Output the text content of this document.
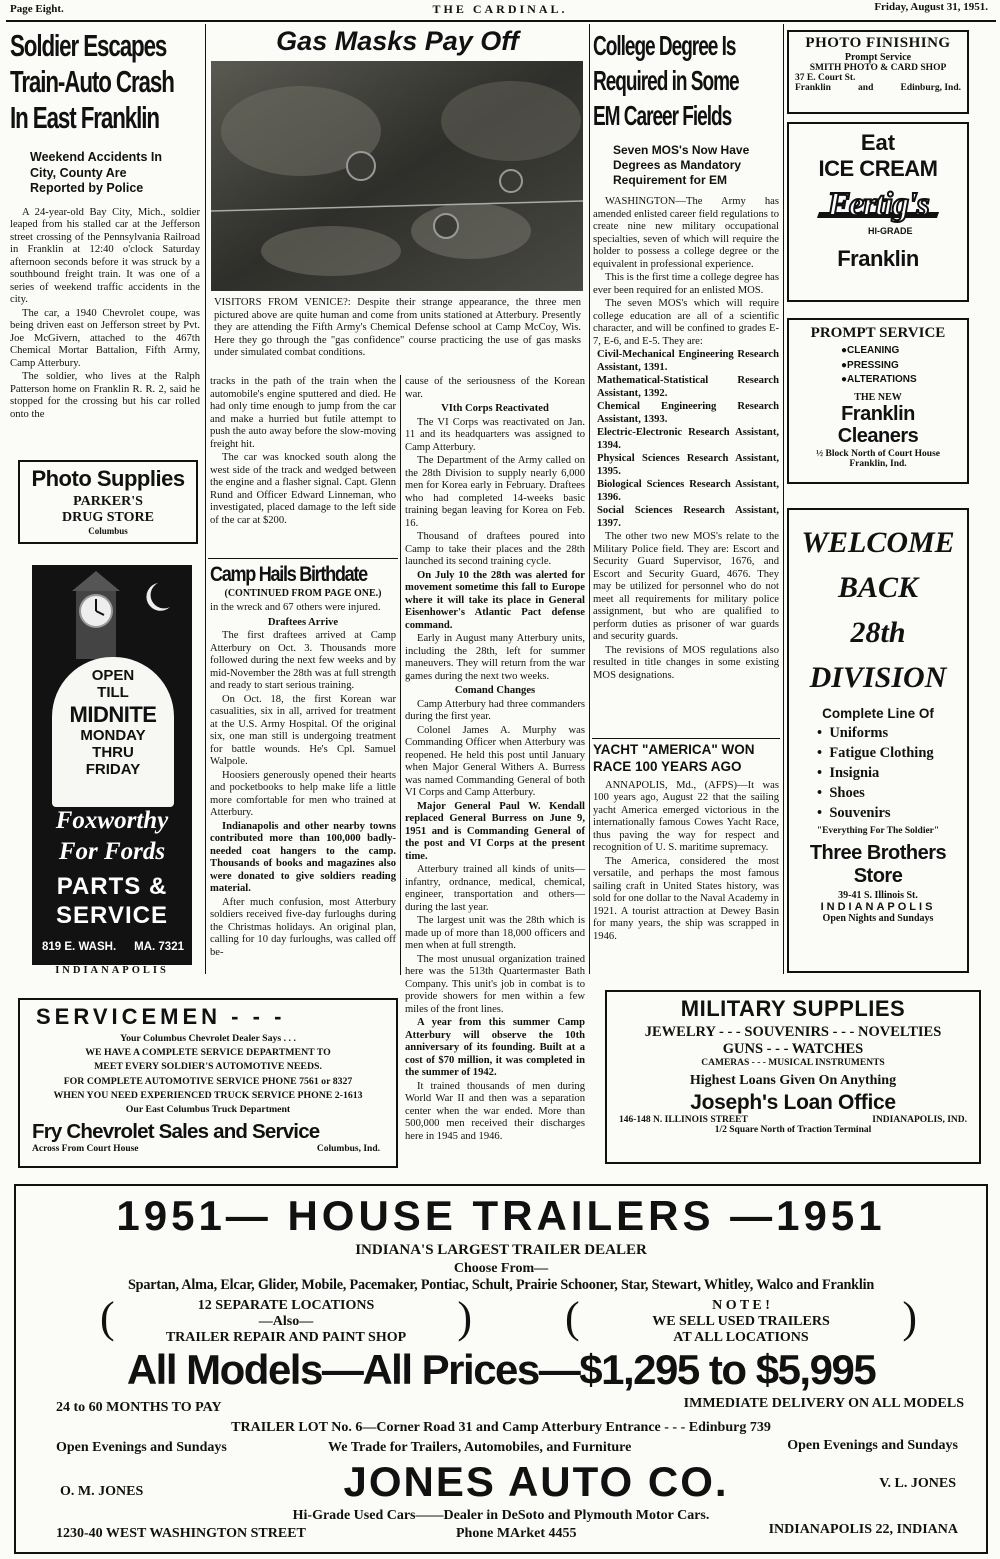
Page Eight.	THE CARDINAL.	Friday, August 31, 1951.
Soldier Escapes
Train-Auto Crash
In East Franklin
Weekend Accidents In
City, County Are
Reported by Police

A 24-year-old Bay City, Mich., soldier leaped from his stalled car at the Jefferson street crossing of the Pennsylvania Railroad in Franklin at 12:40 o'clock Saturday afternoon seconds before it was struck by a southbound freight train. It was one of a series of weekend traffic accidents in the city.

The car, a 1940 Chevrolet coupe, was being driven east on Jefferson street by Pvt. Joe McGivern, attached to the 467th Chemical Mortar Battalion, Fifth Army, Camp Atterbury.

The soldier, who lives at the Ralph Patterson home on Franklin R. R. 2, said he stopped for the crossing but his car rolled onto the

Photo Supplies
PARKER'S
DRUG STORE
Columbus
OPEN
TILL
MIDNITE
MONDAY
THRU
FRIDAY
Foxworthy
For Fords
PARTS &
SERVICE
819 E. WASH. MA. 7321
INDIANAPOLIS
Gas Masks Pay Off

VISITORS FROM VENICE?: Despite their strange appearance, the three men pictured above are quite human and come from units stationed at Atterbury. Presently they are attending the Fifth Army's Chemical Defense school at Camp McCoy, Wis. Here they go through the "gas confidence" course practicing the use of gas masks under simulated combat conditions.

tracks in the path of the train when the automobile's engine sputtered and died. He had only time enough to jump from the car and make a hurried but futile attempt to push the auto away before the slow-moving freight hit.

The car was knocked south along the west side of the track and wedged between the engine and a flasher signal. Capt. Glenn Rund and Officer Edward Linneman, who investigated, placed damage to the left side of the car at $200.

Camp Hails Birthdate
(CONTINUED FROM PAGE ONE.)

in the wreck and 67 others were injured.

Draftees Arrive

The first draftees arrived at Camp Atterbury on Oct. 3. Thousands more followed during the next few weeks and by mid-November the 28th was at full strength and ready to start serious training.

On Oct. 18, the first Korean war casualities, six in all, arrived for treatment at the U.S. Army Hospital. Of the original six, one man still is undergoing treatment for battle wounds. He's Cpl. Samuel Walpole.

Hoosiers generously opened their hearts and pocketbooks to help make life a little more comfortable for men who trained at Atterbury.

Indianapolis and other nearby towns contributed more than 100,000 badly-needed coat hangers to the camp. Thousands of books and magazines also were donated to give soldiers reading material.

After much confusion, most Atterbury soldiers received five-day furloughs during the Christmas holidays. An original plan, calling for 10 day furloughs, was called off be-

cause of the seriousness of the Korean war.

VIth Corps Reactivated

The VI Corps was reactivated on Jan. 11 and its headquarters was assigned to Camp Atterbury.

The Department of the Army called on the 28th Division to supply nearly 6,000 men for Korea early in February. Draftees who had completed 14-weeks basic training began leaving for Korea on Feb. 16.

Thousand of draftees poured into Camp to take their places and the 28th launched its second training cycle.

On July 10 the 28th was alerted for movement sometime this fall to Europe where it will take its place in General Eisenhower's Atlantic Pact defense command.

Early in August many Atterbury units, including the 28th, left for summer maneuvers. They will return from the war games during the next two weeks.

Comand Changes

Camp Atterbury had three commanders during the first year.

Colonel James A. Murphy was Commanding Officer when Atterbury was reopened. He held this post until January when Major General Withers A. Burress was named Commanding General of both VI Corps and Camp Atterbury.

Major General Paul W. Kendall replaced General Burress on June 9, 1951 and is Commanding General of the post and VI Corps at the present time.

Atterbury trained all kinds of units—infantry, ordnance, medical, chemical, engineer, transportation and others—during the last year.

The largest unit was the 28th which is made up of more than 18,000 officers and men when at full strength.

The most unusual organization trained here was the 513th Quartermaster Bath Company. This unit's job in combat is to provide showers for men within a few miles of the front lines.

A year from this summer Camp Atterbury will observe the 10th anniversary of its founding. Built at a cost of $70 million, it was completed in the summer of 1942.

It trained thousands of men during World War II and then was a separation center when the war ended. More than 500,000 men received their discharges here in 1945 and 1946.

College Degree Is
Required in Some
EM Career Fields
Seven MOS's Now Have
Degrees as Mandatory
Requirement for EM

WASHINGTON—The Army has amended enlisted career field regulations to create nine new military occupational specialties, seven of which will require the holder to possess a college degree or the equivalent in professional experience.

This is the first time a college degree has ever been required for an enlisted MOS.

The seven MOS's which will require college education are all of a scientific character, and will be confined to grades E-7, E-6, and E-5. They are:

Civil-Mechanical Engineering Research Assistant, 1391.

Mathematical-Statistical Research Assistant, 1392.

Chemical Engineering Research Assistant, 1393.

Electric-Electronic Research Assistant, 1394.

Physical Sciences Research Assistant, 1395.

Biological Sciences Research Assistant, 1396.

Social Sciences Research Assistant, 1397.

The other two new MOS's relate to the Military Police field. They are: Escort and Security Guard Supervisor, 1676, and Escort and Security Guard, 4676. They may be utilized for personnel who do not meet all requirements for military police assignment, but who are qualified to perform duties as prisoner of war guards and security guards.

The revisions of MOS regulations also resulted in title changes in some existing MOS designations.

YACHT "AMERICA" WON
RACE 100 YEARS AGO

ANNAPOLIS, Md., (AFPS)—It was 100 years ago, August 22 that the sailing yacht America emerged victorious in the internationally famous Cowes Yacht Race, thus paving the way for respect and recognition of U. S. maritime supremacy.

The America, considered the most versatile, and perhaps the most famous sailing craft in United States history, was sold for one dollar to the Naval Academy in 1921. A tourist attraction at Dewey Basin for many years, the ship was scrapped in 1946.

PHOTO FINISHING
Prompt Service
SMITH PHOTO & CARD SHOP
37 E. Court St.
Franklin	and	Edinburg, Ind.
Eat
ICE CREAM
Fertig's
HI-GRADE
Franklin
PROMPT SERVICE
●CLEANING
●PRESSING
●ALTERATIONS
THE NEW
Franklin
Cleaners
½ Block North of Court House
Franklin, Ind.
WELCOME
BACK
28th
DIVISION
Complete Line Of
•  Uniforms
•  Fatigue Clothing
•  Insignia
•  Shoes
•  Souvenirs
"Everything For The Soldier"
Three Brothers
Store
39-41 S. Illinois St.
INDIANAPOLIS
Open Nights and Sundays
SERVICEMEN - - -
Your Columbus Chevrolet Dealer Says . . .
WE HAVE A COMPLETE SERVICE DEPARTMENT TO
MEET EVERY SOLDIER'S AUTOMOTIVE NEEDS.
FOR COMPLETE AUTOMOTIVE SERVICE PHONE 7561 or 8327
WHEN YOU NEED EXPERIENCED TRUCK SERVICE PHONE 2-1613
Our East Columbus Truck Department
Fry Chevrolet Sales and Service
Across From Court House	Columbus, Ind.
MILITARY SUPPLIES
JEWELRY - - - SOUVENIRS - - - NOVELTIES
GUNS - - - WATCHES
CAMERAS - - - MUSICAL INSTRUMENTS
Highest Loans Given On Anything
Joseph's Loan Office
146-148 N. ILLINOIS STREET	INDIANAPOLIS, IND.
1/2 Square North of Traction Terminal
1951— HOUSE TRAILERS —1951
INDIANA'S LARGEST TRAILER DEALER
Choose From—
Spartan, Alma, Elcar, Glider, Mobile, Pacemaker, Pontiac, Schult, Prairie Schooner, Star, Stewart, Whitley, Walco and Franklin
(	)
12 SEPARATE LOCATIONS
—Also—
TRAILER REPAIR AND PAINT SHOP	(	)
N O T E !
WE SELL USED TRAILERS
AT ALL LOCATIONS
All Models—All Prices—$1,295 to $5,995
24 to 60 MONTHS TO PAY	IMMEDIATE DELIVERY ON ALL MODELS
TRAILER LOT No. 6—Corner Road 31 and Camp Atterbury Entrance - - - Edinburg 739
Open Evenings and Sundays	We Trade for Trailers, Automobiles, and Furniture	Open Evenings and Sundays
O. M. JONES	JONES AUTO CO.	V. L. JONES
Hi-Grade Used Cars——Dealer in DeSoto and Plymouth Motor Cars.
1230-40 WEST WASHINGTON STREET	Phone MArket 4455	INDIANAPOLIS 22, INDIANA
